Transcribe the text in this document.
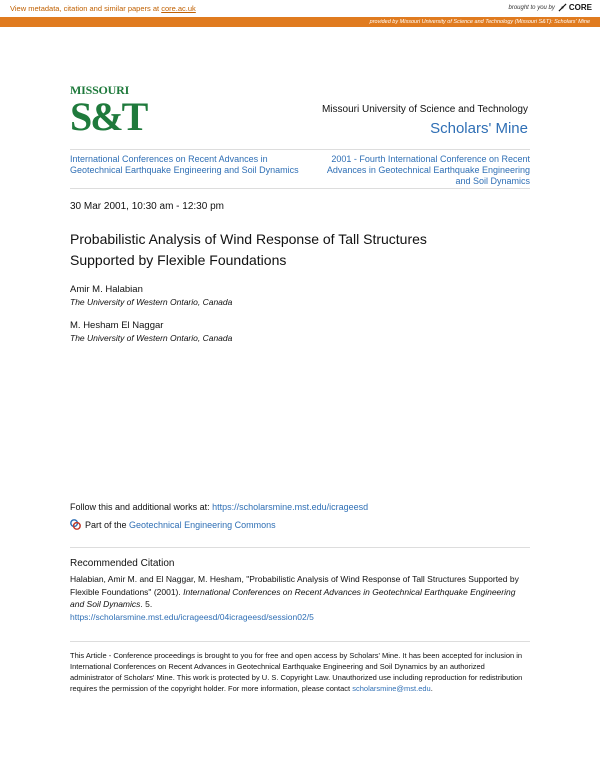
View metadata, citation and similar papers at core.ac.uk	brought to you by CORE
provided by Missouri University of Science and Technology (Missouri S&T): Scholars' Mine
MISSOURI
S&T	Missouri University of Science and Technology
Scholars' Mine
International Conferences on Recent Advances in Geotechnical Earthquake Engineering and Soil Dynamics
2001 - Fourth International Conference on Recent Advances in Geotechnical Earthquake Engineering and Soil Dynamics
30 Mar 2001, 10:30 am - 12:30 pm
Probabilistic Analysis of Wind Response of Tall Structures Supported by Flexible Foundations
Amir M. Halabian
The University of Western Ontario, Canada
M. Hesham El Naggar
The University of Western Ontario, Canada
Follow this and additional works at: https://scholarsmine.mst.edu/icrageesd
Part of the Geotechnical Engineering Commons
Recommended Citation
Halabian, Amir M. and El Naggar, M. Hesham, "Probabilistic Analysis of Wind Response of Tall Structures Supported by Flexible Foundations" (2001). International Conferences on Recent Advances in Geotechnical Earthquake Engineering and Soil Dynamics. 5.
https://scholarsmine.mst.edu/icrageesd/04icrageesd/session02/5
This Article - Conference proceedings is brought to you for free and open access by Scholars' Mine. It has been accepted for inclusion in International Conferences on Recent Advances in Geotechnical Earthquake Engineering and Soil Dynamics by an authorized administrator of Scholars' Mine. This work is protected by U. S. Copyright Law. Unauthorized use including reproduction for redistribution requires the permission of the copyright holder. For more information, please contact scholarsmine@mst.edu.
